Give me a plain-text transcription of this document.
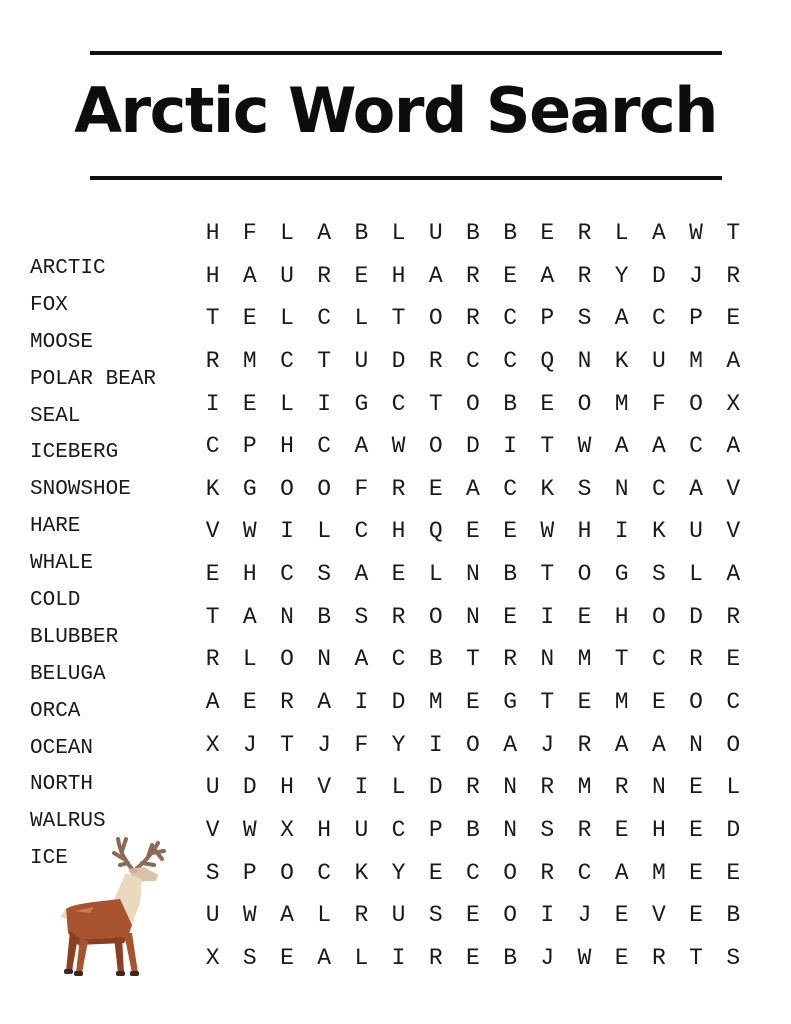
Arctic Word Search
ARCTIC
FOX
MOOSE
POLAR BEAR
SEAL
ICEBERG
SNOWSHOE
HARE
WHALE
COLD
BLUBBER
BELUGA
ORCA
OCEAN
NORTH
WALRUS
ICE
H	F	L	A	B	L	U	B	B	E	R	L	A	W	T
H	A	U	R	E	H	A	R	E	A	R	Y	D	J	R
T	E	L	C	L	T	O	R	C	P	S	A	C	P	E
R	M	C	T	U	D	R	C	C	Q	N	K	U	M	A
I	E	L	I	G	C	T	O	B	E	O	M	F	O	X
C	P	H	C	A	W	O	D	I	T	W	A	A	C	A
K	G	O	O	F	R	E	A	C	K	S	N	C	A	V
V	W	I	L	C	H	Q	E	E	W	H	I	K	U	V
E	H	C	S	A	E	L	N	B	T	O	G	S	L	A
T	A	N	B	S	R	O	N	E	I	E	H	O	D	R
R	L	O	N	A	C	B	T	R	N	M	T	C	R	E
A	E	R	A	I	D	M	E	G	T	E	M	E	O	C
X	J	T	J	F	Y	I	O	A	J	R	A	A	N	O
U	D	H	V	I	L	D	R	N	R	M	R	N	E	L
V	W	X	H	U	C	P	B	N	S	R	E	H	E	D
S	P	O	C	K	Y	E	C	O	R	C	A	M	E	E
U	W	A	L	R	U	S	E	O	I	J	E	V	E	B
X	S	E	A	L	I	R	E	B	J	W	E	R	T	S
